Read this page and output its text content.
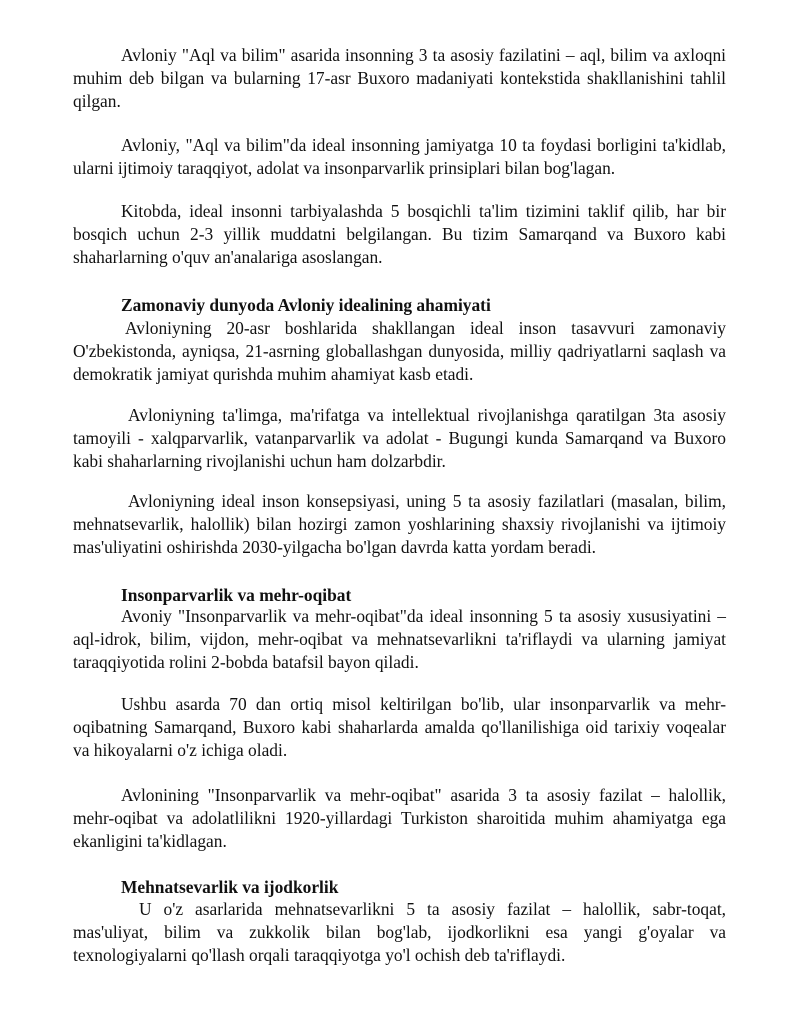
Avloniy "Aql va bilim" asarida insonning 3 ta asosiy fazilatini – aql, bilim va axloqni muhim deb bilgan va bularning 17-asr Buxoro madaniyati kontekstida shakllanishini tahlil qilgan.

Avloniy, "Aql va bilim"da ideal insonning jamiyatga 10 ta foydasi borligini ta'kidlab, ularni ijtimoiy taraqqiyot, adolat va insonparvarlik prinsiplari bilan bog'lagan.

Kitobda, ideal insonni tarbiyalashda 5 bosqichli ta'lim tizimini taklif qilib, har bir bosqich uchun 2-3 yillik muddatni belgilangan. Bu tizim Samarqand va Buxoro kabi shaharlarning o'quv an'analariga asoslangan.

Zamonaviy dunyoda Avloniy idealining ahamiyati

Avloniyning 20-asr boshlarida shakllangan ideal inson tasavvuri zamonaviy O'zbekistonda, ayniqsa, 21-asrning globallashgan dunyosida, milliy qadriyatlarni saqlash va demokratik jamiyat qurishda muhim ahamiyat kasb etadi.

Avloniyning ta'limga, ma'rifatga va intellektual rivojlanishga qaratilgan 3ta asosiy tamoyili - xalqparvarlik, vatanparvarlik va adolat - Bugungi kunda Samarqand va Buxoro kabi shaharlarning rivojlanishi uchun ham dolzarbdir.

Avloniyning ideal inson konsepsiyasi, uning 5 ta asosiy fazilatlari (masalan, bilim, mehnatsevarlik, halollik) bilan hozirgi zamon yoshlarining shaxsiy rivojlanishi va ijtimoiy mas'uliyatini oshirishda 2030-yilgacha bo'lgan davrda katta yordam beradi.

Insonparvarlik va mehr-oqibat

Avoniy "Insonparvarlik va mehr-oqibat"da ideal insonning 5 ta asosiy xususiyatini – aql-idrok, bilim, vijdon, mehr-oqibat va mehnatsevarlikni ta'riflaydi va ularning jamiyat taraqqiyotida rolini 2-bobda batafsil bayon qiladi.

Ushbu asarda 70 dan ortiq misol keltirilgan bo'lib, ular insonparvarlik va mehr-oqibatning Samarqand, Buxoro kabi shaharlarda amalda qo'llanilishiga oid tarixiy voqealar va hikoyalarni o'z ichiga oladi.

Avlonining "Insonparvarlik va mehr-oqibat" asarida 3 ta asosiy fazilat – halollik, mehr-oqibat va adolatlilikni 1920-yillardagi Turkiston sharoitida muhim ahamiyatga ega ekanligini ta'kidlagan.

Mehnatsevarlik va ijodkorlik

U o'z asarlarida mehnatsevarlikni 5 ta asosiy fazilat – halollik, sabr-toqat, mas'uliyat, bilim va zukkolik bilan bog'lab, ijodkorlikni esa yangi g'oyalar va texnologiyalarni qo'llash orqali taraqqiyotga yo'l ochish deb ta'riflaydi.
